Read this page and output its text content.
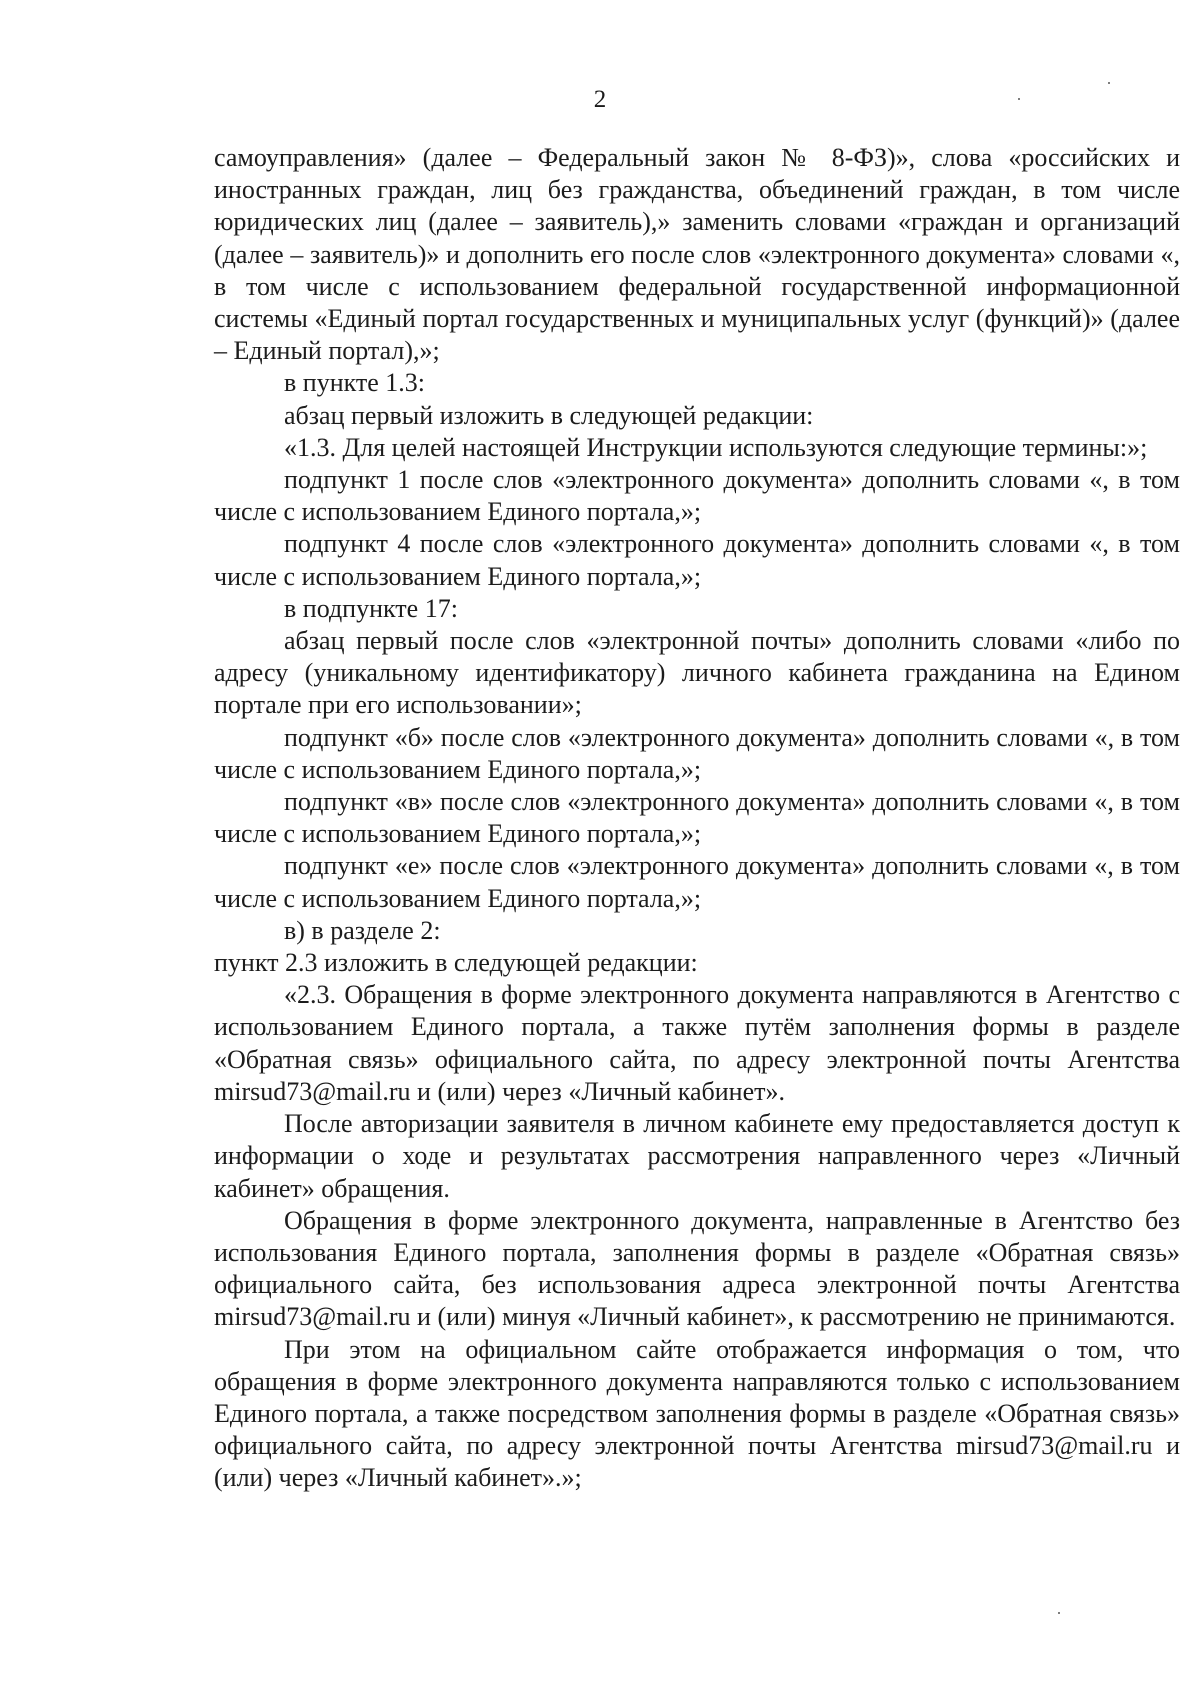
2

самоуправления» (далее – Федеральный закон № 8-ФЗ)», слова «российских и иностранных граждан, лиц без гражданства, объединений граждан, в том числе юридических лиц (далее – заявитель),» заменить словами «граждан и организаций (далее – заявитель)» и дополнить его после слов «электронного документа» словами «, в том числе с использованием федеральной государственной информационной системы «Единый портал государственных и муниципальных услуг (функций)» (далее – Единый портал),»;

в пункте 1.3:

абзац первый изложить в следующей редакции:

«1.3. Для целей настоящей Инструкции используются следующие термины:»;

подпункт 1 после слов «электронного документа» дополнить словами «, в том числе с использованием Единого портала,»;

подпункт 4 после слов «электронного документа» дополнить словами «, в том числе с использованием Единого портала,»;

в подпункте 17:

абзац первый после слов «электронной почты» дополнить словами «либо по адресу (уникальному идентификатору) личного кабинета гражданина на Едином портале при его использовании»;

подпункт «б» после слов «электронного документа» дополнить словами «, в том числе с использованием Единого портала,»;

подпункт «в» после слов «электронного документа» дополнить словами «, в том числе с использованием Единого портала,»;

подпункт «е» после слов «электронного документа» дополнить словами «, в том числе с использованием Единого портала,»;

в) в разделе 2:

пункт 2.3 изложить в следующей редакции:

«2.3. Обращения в форме электронного документа направляются в Агентство с использованием Единого портала, а также путём заполнения формы в разделе «Обратная связь» официального сайта, по адресу электронной почты Агентства mirsud73@mail.ru и (или) через «Личный кабинет».

После авторизации заявителя в личном кабинете ему предоставляется доступ к информации о ходе и результатах рассмотрения направленного через «Личный кабинет» обращения.

Обращения в форме электронного документа, направленные в Агентство без использования Единого портала, заполнения формы в разделе «Обратная связь» официального сайта, без использования адреса электронной почты Агентства mirsud73@mail.ru и (или) минуя «Личный кабинет», к рассмотрению не принимаются.

При этом на официальном сайте отображается информация о том, что обращения в форме электронного документа направляются только с использованием Единого портала, а также посредством заполнения формы в разделе «Обратная связь» официального сайта, по адресу электронной почты Агентства mirsud73@mail.ru и (или) через «Личный кабинет».»;
